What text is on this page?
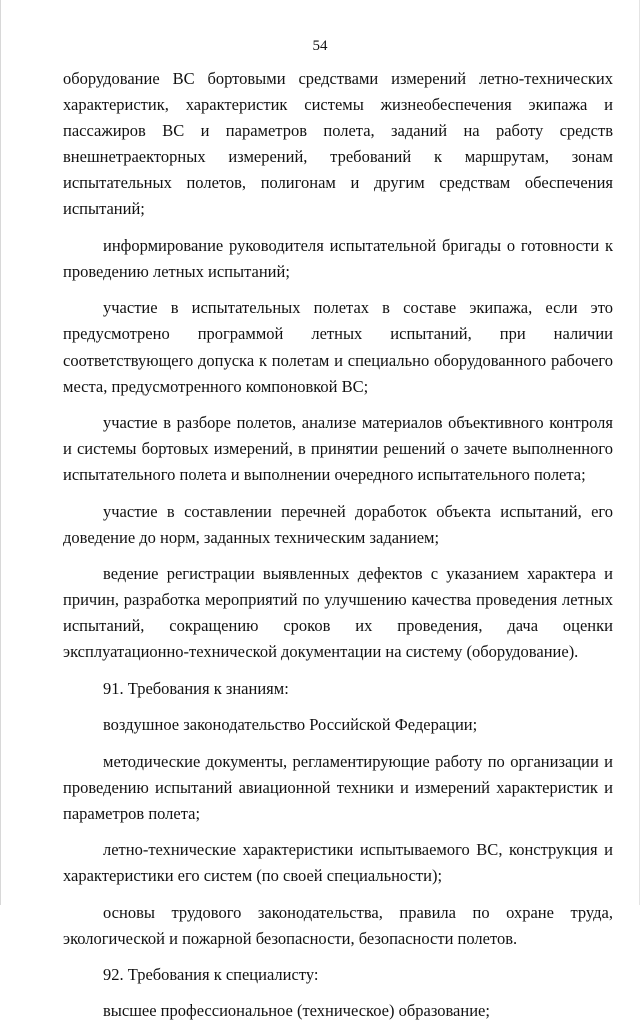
54

оборудование ВС бортовыми средствами измерений летно-технических характеристик, характеристик системы жизнеобеспечения экипажа и пассажиров ВС и параметров полета, заданий на работу средств внешнетраекторных измерений, требований к маршрутам, зонам испытательных полетов, полигонам и другим средствам обеспечения испытаний;

информирование руководителя испытательной бригады о готовности к проведению летных испытаний;

участие в испытательных полетах в составе экипажа, если это предусмотрено программой летных испытаний, при наличии соответствующего допуска к полетам и специально оборудованного рабочего места, предусмотренного компоновкой ВС;

участие в разборе полетов, анализе материалов объективного контроля и системы бортовых измерений, в принятии решений о зачете выполненного испытательного полета и выполнении очередного испытательного полета;

участие в составлении перечней доработок объекта испытаний, его доведение до норм, заданных техническим заданием;

ведение регистрации выявленных дефектов с указанием характера и причин, разработка мероприятий по улучшению качества проведения летных испытаний, сокращению сроков их проведения, дача оценки эксплуатационно-технической документации на систему (оборудование).

91. Требования к знаниям:

воздушное законодательство Российской Федерации;

методические документы, регламентирующие работу по организации и проведению испытаний авиационной техники и измерений характеристик и параметров полета;

летно-технические характеристики испытываемого ВС, конструкция и характеристики его систем (по своей специальности);

основы трудового законодательства, правила по охране труда, экологической и пожарной безопасности, безопасности полетов.

92. Требования к специалисту:

высшее профессиональное (техническое) образование;
